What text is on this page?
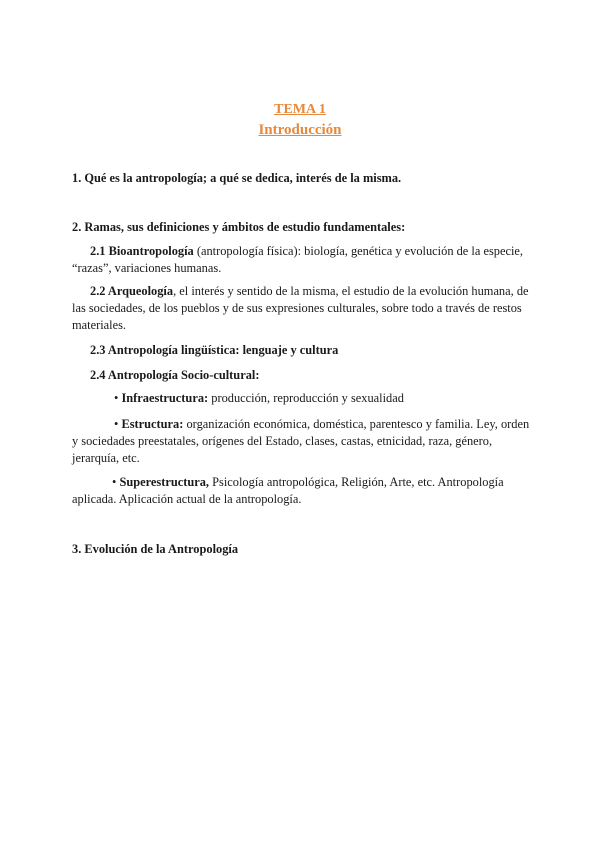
TEMA 1
Introducción

1. Qué es la antropología; a qué se dedica, interés de la misma.

2. Ramas, sus definiciones y ámbitos de estudio fundamentales:

2.1 Bioantropología (antropología física): biología, genética y evolución de la especie, “razas”, variaciones humanas.

2.2 Arqueología, el interés y sentido de la misma, el estudio de la evolución humana, de las sociedades, de los pueblos y de sus expresiones culturales, sobre todo a través de restos materiales.

2.3 Antropología lingüística: lenguaje y cultura

2.4 Antropología Socio-cultural:

• Infraestructura: producción, reproducción y sexualidad

• Estructura: organización económica, doméstica, parentesco y familia. Ley, orden y sociedades preestatales, orígenes del Estado, clases, castas, etnicidad, raza, género, jerarquía, etc.

• Superestructura, Psicología antropológica, Religión, Arte, etc. Antropología aplicada. Aplicación actual de la antropología.

3. Evolución de la Antropología
